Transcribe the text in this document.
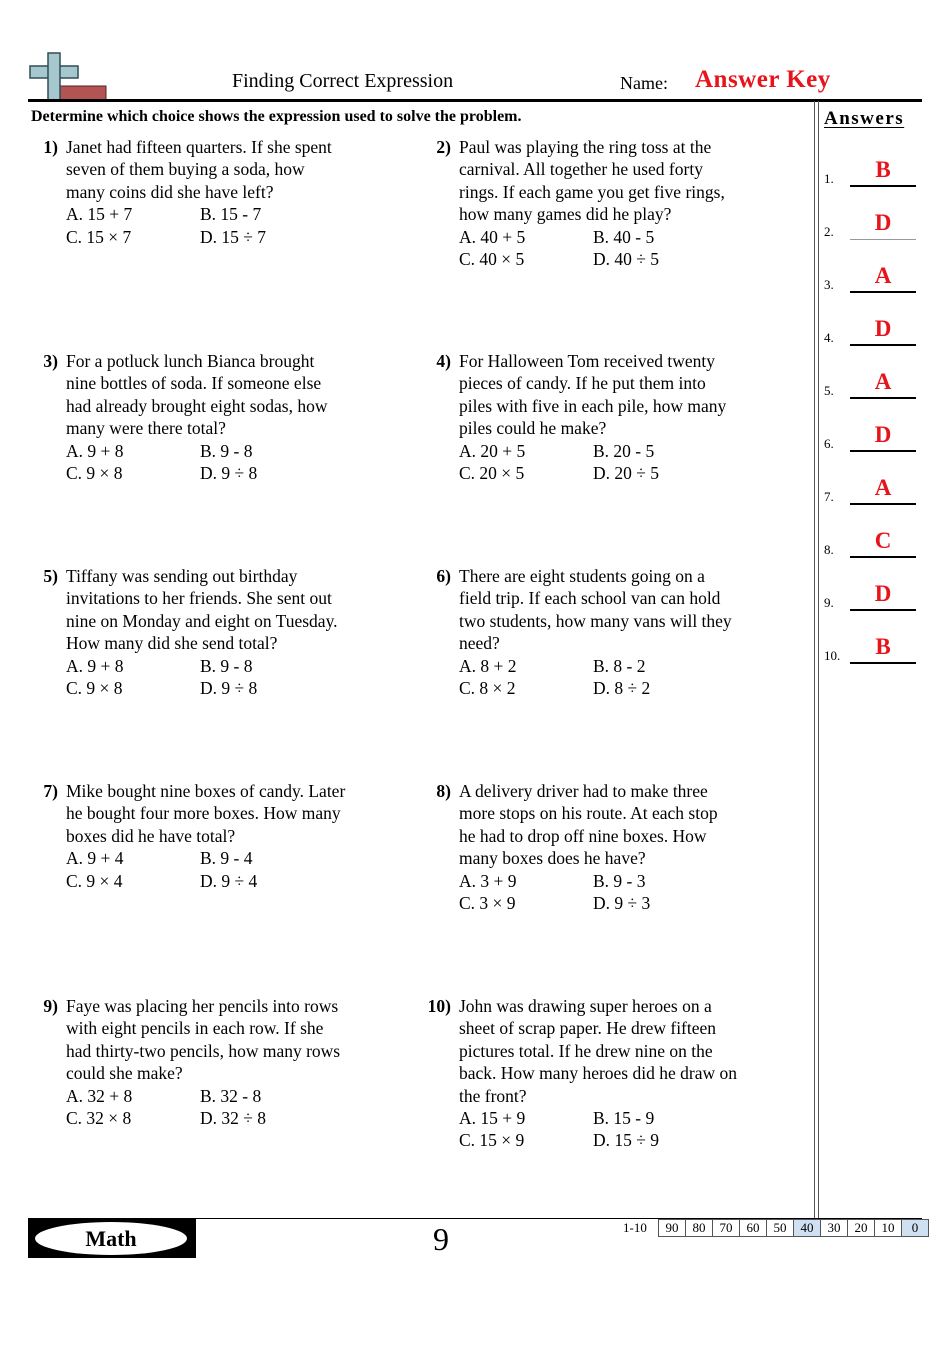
Finding Correct Expression	Name: Answer Key
Determine which choice shows the expression used to solve the problem.	Answers
1.	B
2.	D
3.	A
4.	D
5.	A
6.	D
7.	A
8.	C
9.	D
10.	B
1) Janet had fifteen quarters. If she spent seven of them buying a soda, how many coins did she have left?

A. 15 + 7	B. 15 - 7
C. 15 × 7	D. 15 ÷ 7
2) Paul was playing the ring toss at the carnival. All together he used forty rings. If each game you get five rings, how many games did he play?

A. 40 + 5	B. 40 - 5
C. 40 × 5	D. 40 ÷ 5
3) For a potluck lunch Bianca brought nine bottles of soda. If someone else had already brought eight sodas, how many were there total?

A. 9 + 8	B. 9 - 8
C. 9 × 8	D. 9 ÷ 8
4) For Halloween Tom received twenty pieces of candy. If he put them into piles with five in each pile, how many piles could he make?

A. 20 + 5	B. 20 - 5
C. 20 × 5	D. 20 ÷ 5
5) Tiffany was sending out birthday invitations to her friends. She sent out nine on Monday and eight on Tuesday. How many did she send total?

A. 9 + 8	B. 9 - 8
C. 9 × 8	D. 9 ÷ 8
6) There are eight students going on a field trip. If each school van can hold two students, how many vans will they need?

A. 8 + 2	B. 8 - 2
C. 8 × 2	D. 8 ÷ 2
7) Mike bought nine boxes of candy. Later he bought four more boxes. How many boxes did he have total?

A. 9 + 4	B. 9 - 4
C. 9 × 4	D. 9 ÷ 4
8) A delivery driver had to make three more stops on his route. At each stop he had to drop off nine boxes. How many boxes does he have?

A. 3 + 9	B. 9 - 3
C. 3 × 9	D. 9 ÷ 3
9) Faye was placing her pencils into rows with eight pencils in each row. If she had thirty-two pencils, how many rows could she make?

A. 32 + 8	B. 32 - 8
C. 32 × 8	D. 32 ÷ 8
10) John was drawing super heroes on a sheet of scrap paper. He drew fifteen pictures total. If he drew nine on the back. How many heroes did he draw on the front?

A. 15 + 9	B. 15 - 9
C. 15 × 9	D. 15 ÷ 9
Math	9	1-10 90	80	70	60	50	40	30	20	10	0
